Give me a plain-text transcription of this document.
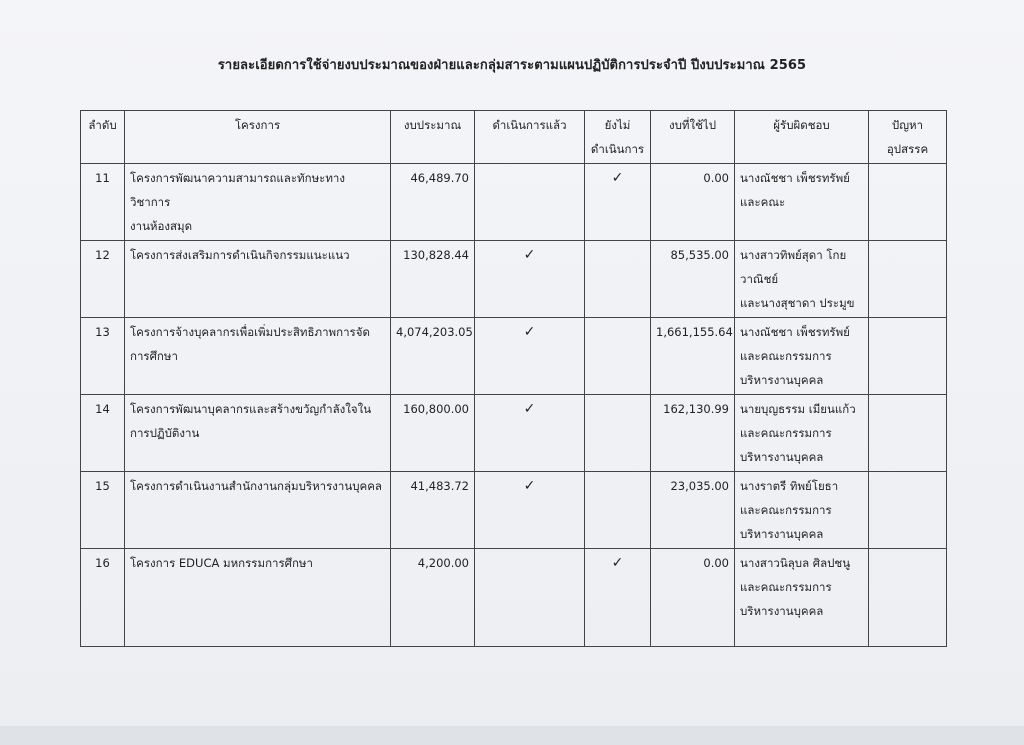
รายละเอียดการใช้จ่ายงบประมาณของฝ่ายและกลุ่มสาระตามแผนปฏิบัติการประจำปี ปีงบประมาณ 2565
ลำดับ	โครงการ	งบประมาณ	ดำเนินการแล้ว	ยังไม่
ดำเนินการ	งบที่ใช้ไป	ผู้รับผิดชอบ	ปัญหา
อุปสรรค

11	โครงการพัฒนาความสามารถและทักษะทางวิชาการ
งานห้องสมุด	46,489.70		✓	0.00	นางณัชชา เพ็ชรทรัพย์
และคณะ	

12	โครงการส่งเสริมการดำเนินกิจกรรมแนะแนว	130,828.44	✓		85,535.00	นางสาวทิพย์สุดา โกย
วาณิชย์
และนางสุชาดา ประมูข	

13	โครงการจ้างบุคลากรเพื่อเพิ่มประสิทธิภาพการจัด
การศึกษา	4,074,203.05	✓		1,661,155.64	นางณัชชา เพ็ชรทรัพย์
และคณะกรรมการ
บริหารงานบุคคล	

14	โครงการพัฒนาบุคลากรและสร้างขวัญกำลังใจใน
การปฏิบัติงาน	160,800.00	✓		162,130.99	นายบุญธรรม เมียนแก้ว
และคณะกรรมการ
บริหารงานบุคคล	

15	โครงการดำเนินงานสำนักงานกลุ่มบริหารงานบุคคล	41,483.72	✓		23,035.00	นางราตรี ทิพย์โยธา
และคณะกรรมการ
บริหารงานบุคคล	

16	โครงการ EDUCA มหกรรมการศึกษา	4,200.00		✓	0.00	นางสาวนิลุบล ศิลปชนู
และคณะกรรมการ
บริหารงานบุคคล	
